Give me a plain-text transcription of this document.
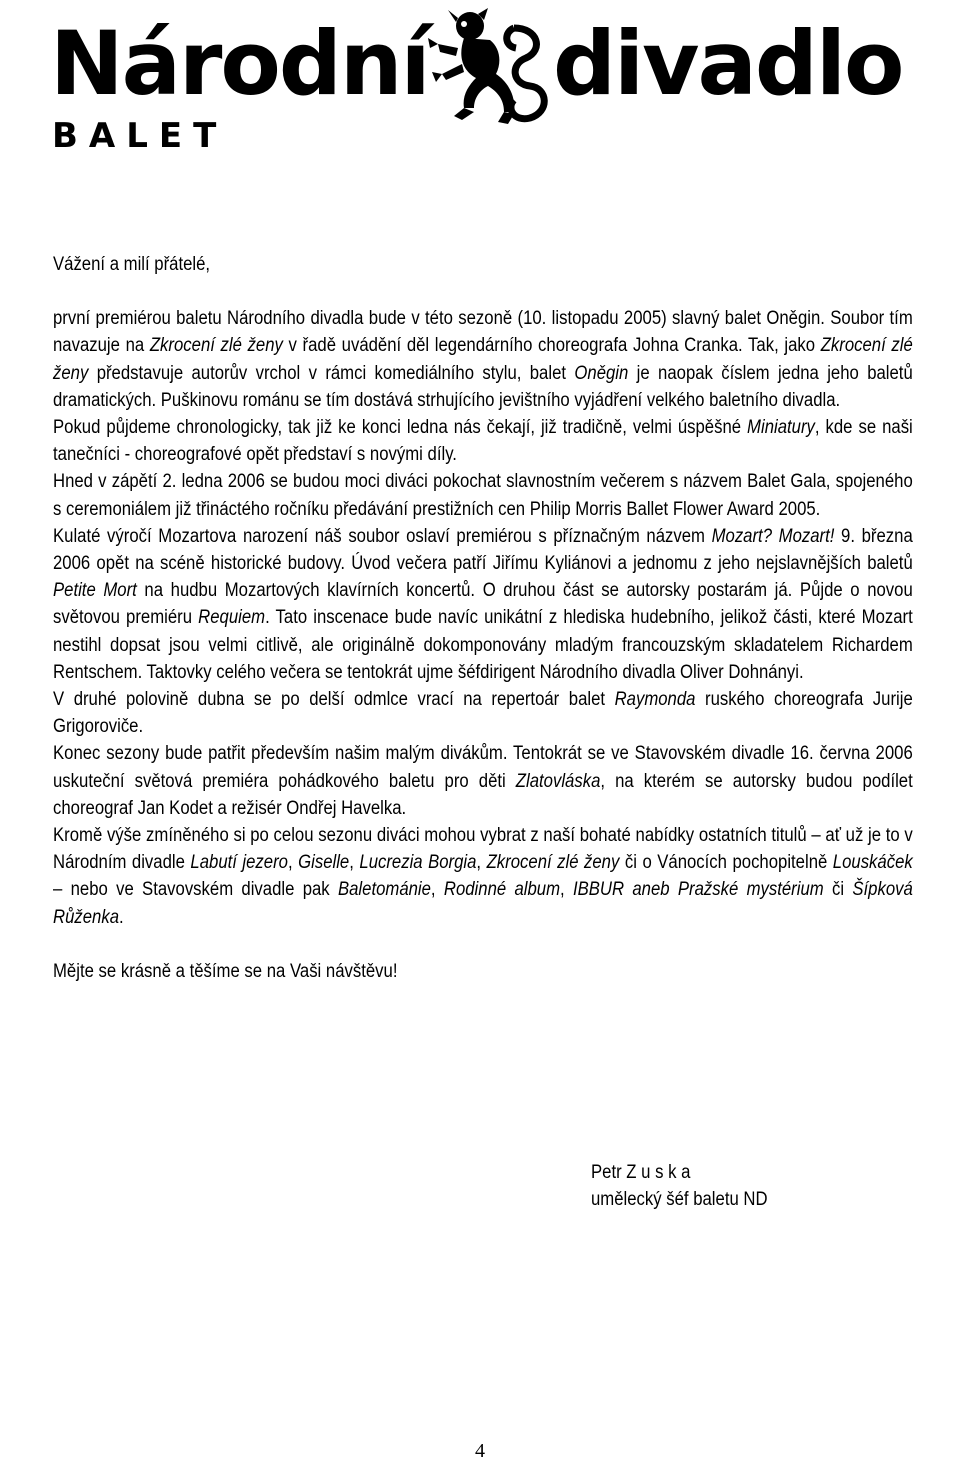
Národní divadlo
BALET

Vážení a milí přátelé,

první premiérou baletu Národního divadla bude v této sezoně (10. listopadu 2005) slavný balet Oněgin. Soubor tím navazuje na Zkrocení zlé ženy v řadě uvádění děl legendárního choreografa Johna Cranka. Tak, jako Zkrocení zlé ženy představuje autorův vrchol v rámci komediálního stylu, balet Oněgin je naopak číslem jedna jeho baletů dramatických. Puškinovu románu se tím dostává strhujícího jevištního vyjádření velkého baletního divadla.

Pokud půjdeme chronologicky, tak již ke konci ledna nás čekají, již tradičně, velmi úspěšné Miniatury, kde se naši tanečníci - choreografové opět představí s novými díly.

Hned v zápětí 2. ledna 2006 se budou moci diváci pokochat slavnostním večerem s názvem Balet Gala, spojeného s ceremoniálem již třináctého ročníku předávání prestižních cen Philip Morris Ballet Flower Award 2005.

Kulaté výročí Mozartova narození náš soubor oslaví premiérou s příznačným názvem Mozart? Mozart! 9. března 2006 opět na scéně historické budovy. Úvod večera patří Jiřímu Kyliánovi a jednomu z jeho nejslavnějších baletů Petite Mort na hudbu Mozartových klavírních koncertů. O druhou část se autorsky postarám já. Půjde o novou světovou premiéru Requiem. Tato inscenace bude navíc unikátní z hlediska hudebního, jelikož části, které Mozart nestihl dopsat jsou velmi citlivě, ale originálně dokomponovány mladým francouzským skladatelem Richardem Rentschem. Taktovky celého večera se tentokrát ujme šéfdirigent Národního divadla Oliver Dohnányi.

V druhé polovině dubna se po delší odmlce vrací na repertoár balet Raymonda ruského choreografa Jurije Grigoroviče.

Konec sezony bude patřit především našim malým divákům. Tentokrát se ve Stavovském divadle 16. června 2006 uskuteční světová premiéra pohádkového baletu pro děti Zlatovláska, na kterém se autorsky budou podílet choreograf Jan Kodet a režisér Ondřej Havelka.

Kromě výše zmíněného si po celou sezonu diváci mohou vybrat z naší bohaté nabídky ostatních titulů – ať už je to v Národním divadle Labutí jezero, Giselle, Lucrezia Borgia, Zkrocení zlé ženy či o Vánocích pochopitelně Louskáček – nebo ve Stavovském divadle pak Baletománie, Rodinné album, IBBUR aneb Pražské mystérium či Šípková Růženka.

Mějte se krásně a těšíme se na Vaši návštěvu!

Petr Z u s k a
umělecký šéf baletu ND
4
